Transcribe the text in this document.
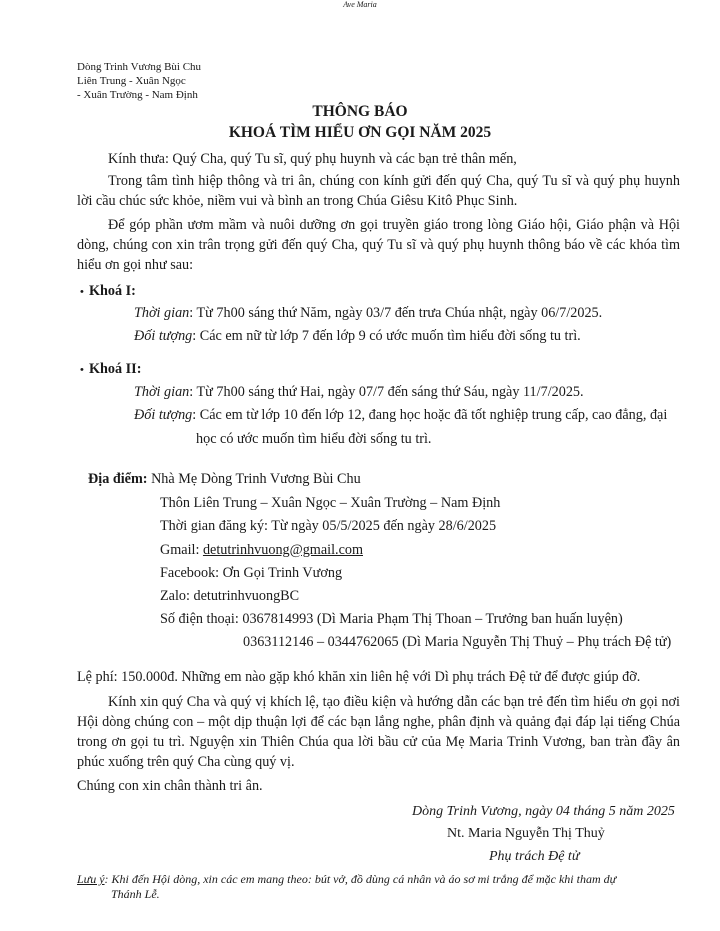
Ave Maria
Dòng Trinh Vương Bùi Chu
Liên Trung - Xuân Ngọc
- Xuân Trường - Nam Định
THÔNG BÁO
KHOÁ TÌM HIỂU ƠN GỌI NĂM 2025
Kính thưa: Quý Cha, quý Tu sĩ, quý phụ huynh và các bạn trẻ thân mến,
Trong tâm tình hiệp thông và tri ân, chúng con kính gửi đến quý Cha, quý Tu sĩ và quý phụ huynh lời cầu chúc sức khỏe, niềm vui và bình an trong Chúa Giêsu Kitô Phục Sinh.
Để góp phần ươm mầm và nuôi dưỡng ơn gọi truyền giáo trong lòng Giáo hội, Giáo phận và Hội dòng, chúng con xin trân trọng gửi đến quý Cha, quý Tu sĩ và quý phụ huynh thông báo về các khóa tìm hiểu ơn gọi như sau:
• Khoá I:
Thời gian: Từ 7h00 sáng thứ Năm, ngày 03/7 đến trưa Chúa nhật, ngày 06/7/2025.
Đối tượng: Các em nữ từ lớp 7 đến lớp 9 có ước muốn tìm hiểu đời sống tu trì.
• Khoá II:
Thời gian: Từ 7h00 sáng thứ Hai, ngày 07/7 đến sáng thứ Sáu, ngày 11/7/2025.
Đối tượng: Các em từ lớp 10 đến lớp 12, đang học hoặc đã tốt nghiệp trung cấp, cao đẳng, đại
học có ước muốn tìm hiểu đời sống tu trì.
Địa điểm: Nhà Mẹ Dòng Trinh Vương Bùi Chu
Thôn Liên Trung – Xuân Ngọc – Xuân Trường – Nam Định
Thời gian đăng ký: Từ ngày 05/5/2025 đến ngày 28/6/2025
Gmail: detutrinhvuong@gmail.com
Facebook: Ơn Gọi Trinh Vương
Zalo: detutrinhvuongBC
Số điện thoại: 0367814993 (Dì Maria Phạm Thị Thoan – Trưởng ban huấn luyện)
0363112146 – 0344762065 (Dì Maria Nguyễn Thị Thuỷ – Phụ trách Đệ tử)
Lệ phí: 150.000đ. Những em nào gặp khó khăn xin liên hệ với Dì phụ trách Đệ tử để được giúp đỡ.
Kính xin quý Cha và quý vị khích lệ, tạo điều kiện và hướng dẫn các bạn trẻ đến tìm hiểu ơn gọi nơi Hội dòng chúng con – một dịp thuận lợi để các bạn lắng nghe, phân định và quảng đại đáp lại tiếng Chúa trong ơn gọi tu trì. Nguyện xin Thiên Chúa qua lời bầu cử của Mẹ Maria Trinh Vương, ban tràn đầy ân phúc xuống trên quý Cha cùng quý vị.
Chúng con xin chân thành tri ân.
Dòng Trinh Vương, ngày 04 tháng 5 năm 2025
Nt. Maria Nguyễn Thị Thuỷ
Phụ trách Đệ tử
Lưu ý: Khi đến Hội dòng, xin các em mang theo: bút vở, đồ dùng cá nhân và áo sơ mi trắng để mặc khi tham dự
Thánh Lễ.
